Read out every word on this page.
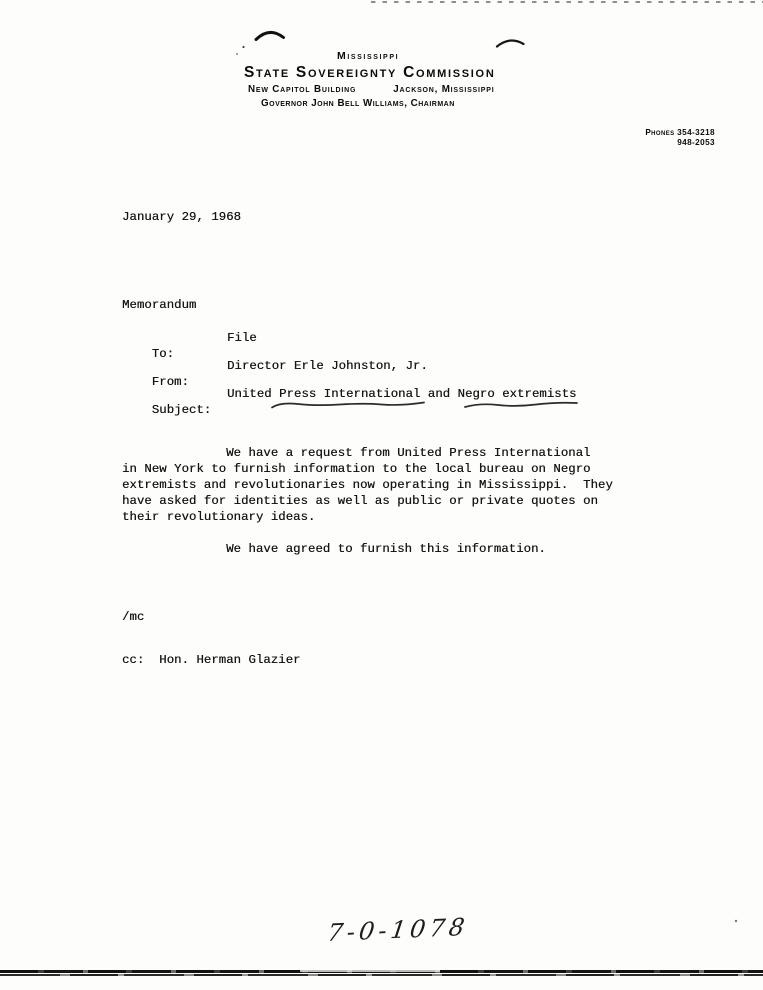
Mississippi
State Sovereignty Commission
New Capitol Building	Jackson, Mississippi
Governor John Bell Williams, Chairman
Phones 354-3218
948-2053
January 29, 1968
Memorandum

To:

File

From:

Director Erle Johnston, Jr.

Subject:

United Press International and Negro extremists

We have a request from United Press International
in New York to furnish information to the local bureau on Negro
extremists and revolutionaries now operating in Mississippi.  They
have asked for identities as well as public or private quotes on
their revolutionary ideas.
We have agreed to furnish this information.
/mc
cc:  Hon. Herman Glazier
7-0-1078
